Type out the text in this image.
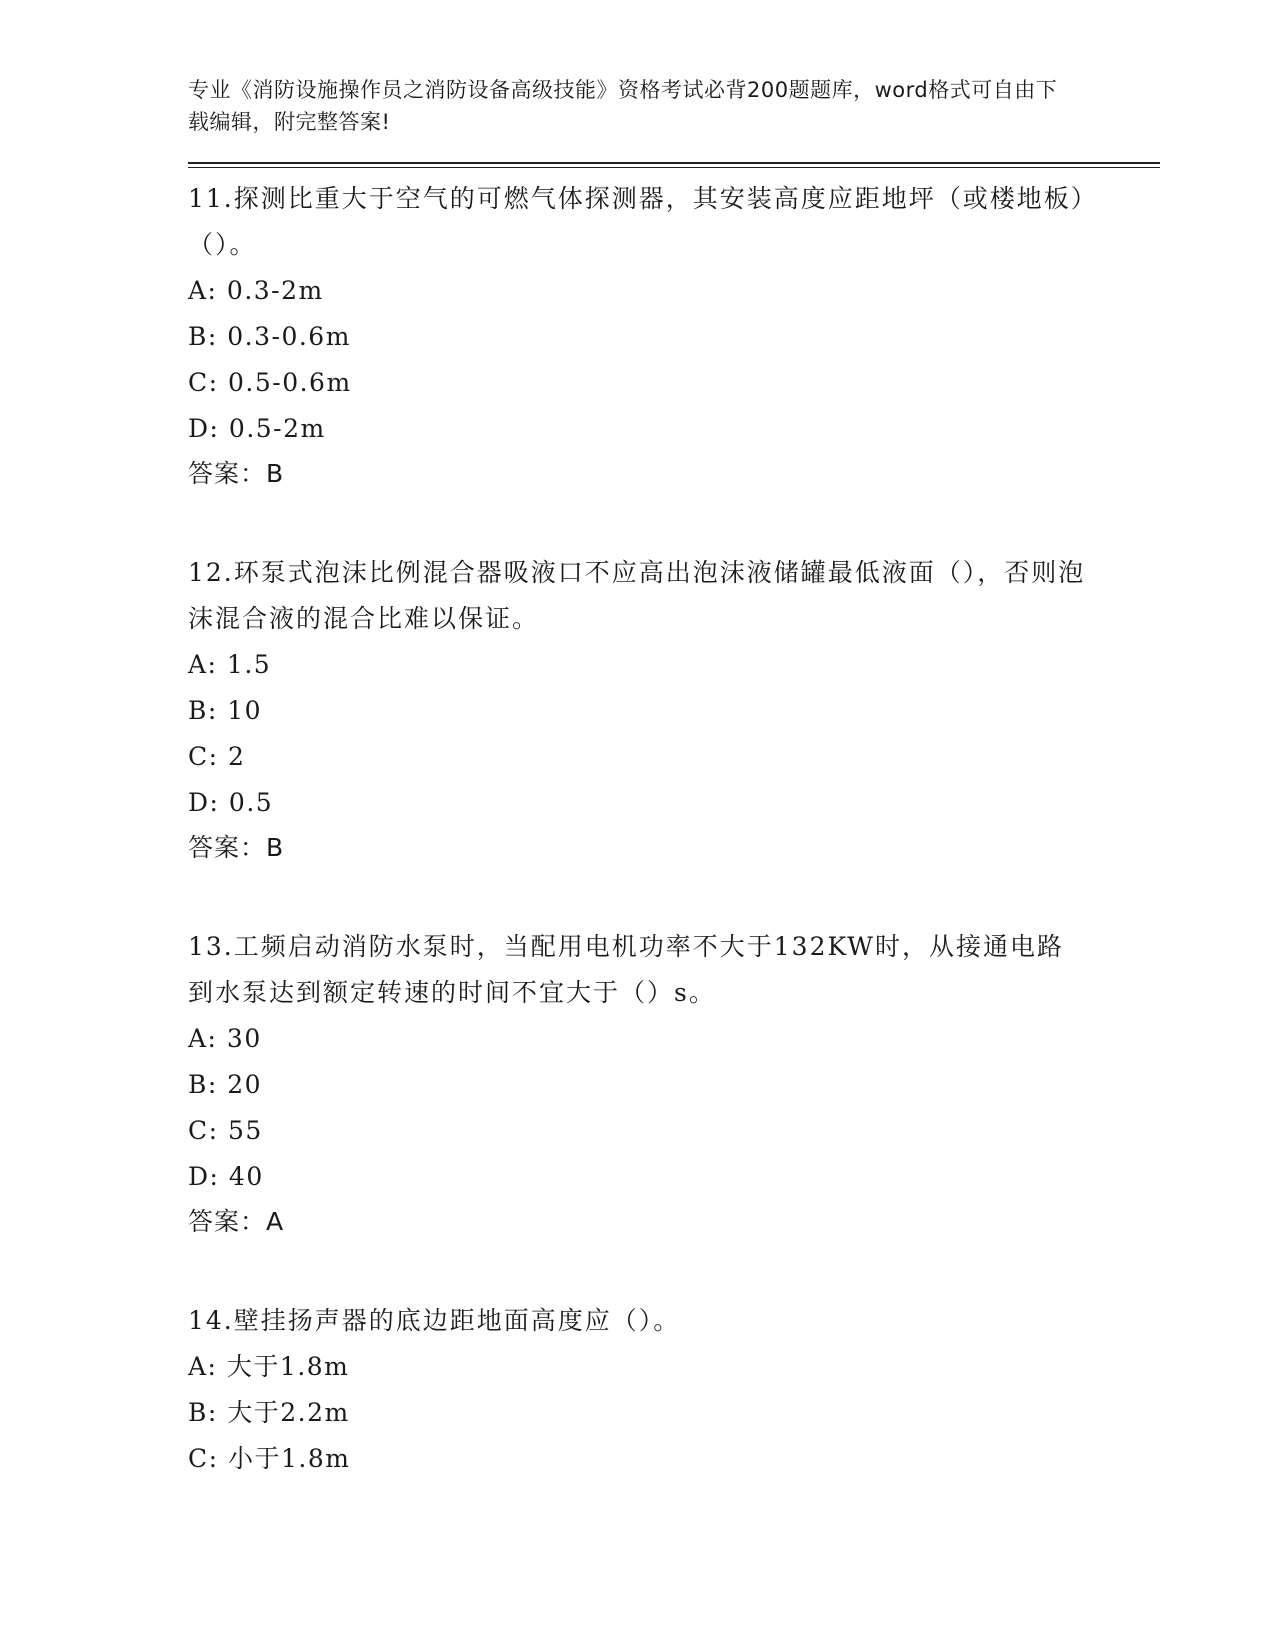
专业《消防设施操作员之消防设备高级技能》资格考试必背200题题库，word格式可自由下载编辑，附完整答案!

11.探测比重大于空气的可燃气体探测器，其安装高度应距地坪（或楼地板）（）。

A: 0.3-2m

B: 0.3-0.6m

C: 0.5-0.6m

D: 0.5-2m

答案：B

12.环泵式泡沫比例混合器吸液口不应高出泡沫液储罐最低液面（），否则泡沫混合液的混合比难以保证。

A: 1.5

B: 10

C: 2

D: 0.5

答案：B

13.工频启动消防水泵时，当配用电机功率不大于132KW时，从接通电路到水泵达到额定转速的时间不宜大于（）s。

A: 30

B: 20

C: 55

D: 40

答案：A

14.壁挂扬声器的底边距地面高度应（）。

A: 大于1.8m

B: 大于2.2m

C: 小于1.8m
